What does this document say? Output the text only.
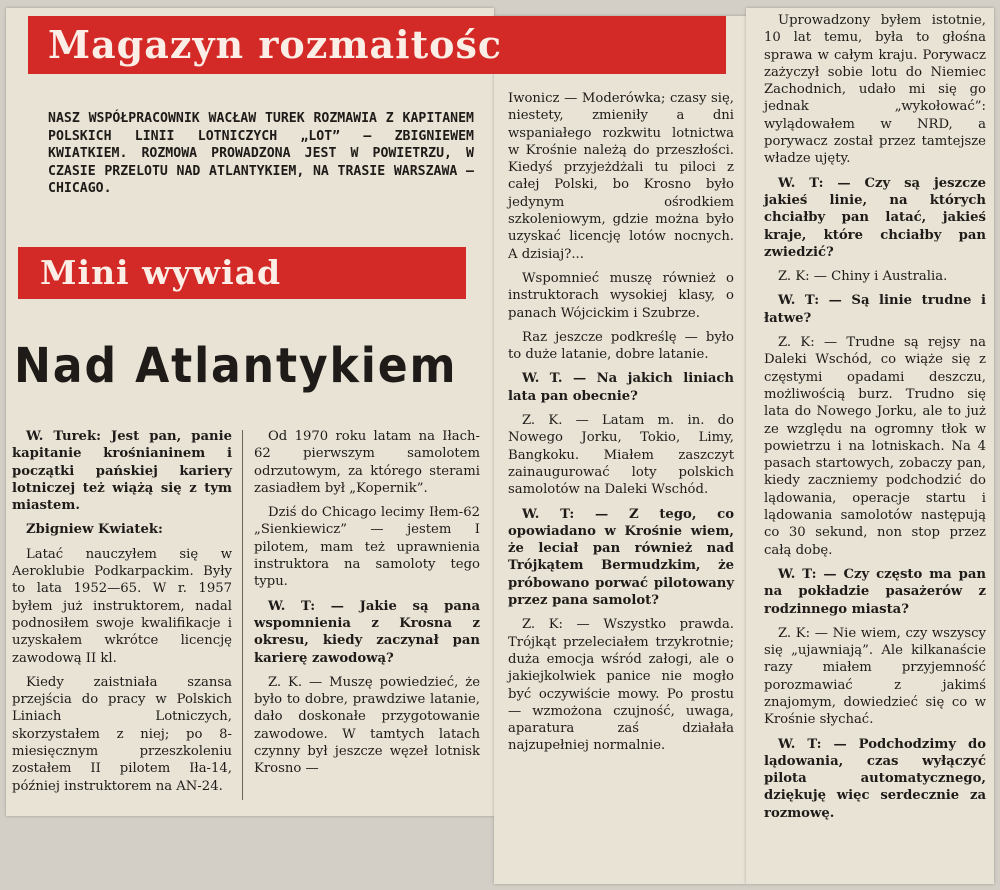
Magazyn rozmaitośc
NASZ WSPÓŁPRACOWNIK WACŁAW TUREK ROZMAWIA Z KAPITANEM POLSKICH LINII LOTNICZYCH „LOT” — ZBIGNIEWEM KWIATKIEM. ROZMOWA PROWADZONA JEST W POWIETRZU, W CZASIE PRZELOTU NAD ATLANTYKIEM, NA TRASIE WARSZAWA — CHICAGO.
Mini wywiad
Nad Atlantykiem

W. Turek: Jest pan, panie kapitanie krośnianinem i początki pańskiej kariery lotniczej też wiążą się z tym miastem.

Zbigniew Kwiatek:

Latać nauczyłem się w Aeroklubie Podkarpackim. Były to lata 1952—65. W r. 1957 byłem już instruktorem, nadal podnosiłem swoje kwalifikacje i uzyskałem wkrótce licencję zawodową II kl.

Kiedy zaistniała szansa przejścia do pracy w Polskich Liniach Lotniczych, skorzystałem z niej; po 8-miesięcznym przeszkoleniu zostałem II pilotem Iła-14, później instruktorem na AN-24.

Od 1970 roku latam na Iłach-62 pierwszym samolotem odrzutowym, za którego sterami zasiadłem był „Kopernik”.

Dziś do Chicago lecimy Iłem-62 „Sienkiewicz” — jestem I pilotem, mam też uprawnienia instruktora na samoloty tego typu.

W. T: — Jakie są pana wspomnienia z Krosna z okresu, kiedy zaczynał pan karierę zawodową?

Z. K. — Muszę powiedzieć, że było to dobre, prawdziwe latanie, dało doskonałe przygotowanie zawodowe. W tamtych latach czynny był jeszcze węzeł lotnisk Krosno —

Iwonicz — Moderówka; czasy się, niestety, zmieniły a dni wspaniałego rozkwitu lotnictwa w Krośnie należą do przeszłości. Kiedyś przyjeżdżali tu piloci z całej Polski, bo Krosno było jedynym ośrodkiem szkoleniowym, gdzie można było uzyskać licencję lotów nocnych. A dzisiaj?...

Wspomnieć muszę również o instruktorach wysokiej klasy, o panach Wójcickim i Szubrze.

Raz jeszcze podkreślę — było to duże latanie, dobre latanie.

W. T. — Na jakich liniach lata pan obecnie?

Z. K. — Latam m. in. do Nowego Jorku, Tokio, Limy, Bangkoku. Miałem zaszczyt zainaugurować loty polskich samolotów na Daleki Wschód.

W. T: — Z tego, co opowiadano w Krośnie wiem, że leciał pan również nad Trójkątem Bermudzkim, że próbowano porwać pilotowany przez pana samolot?

Z. K: — Wszystko prawda. Trójkąt przeleciałem trzykrotnie; duża emocja wśród załogi, ale o jakiejkolwiek panice nie mogło być oczywiście mowy. Po prostu — wzmożona czujność, uwaga, aparatura zaś działała najzupełniej normalnie.

Uprowadzony byłem istotnie, 10 lat temu, była to głośna sprawa w całym kraju. Porywacz zażyczył sobie lotu do Niemiec Zachodnich, udało mi się go jednak „wykołować”: wylądowałem w NRD, a porywacz został przez tamtejsze władze ujęty.

W. T: — Czy są jeszcze jakieś linie, na których chciałby pan latać, jakieś kraje, które chciałby pan zwiedzić?

Z. K: — Chiny i Australia.

W. T: — Są linie trudne i łatwe?

Z. K: — Trudne są rejsy na Daleki Wschód, co wiąże się z częstymi opadami deszczu, możliwością burz. Trudno się lata do Nowego Jorku, ale to już ze względu na ogromny tłok w powietrzu i na lotniskach. Na 4 pasach startowych, zobaczy pan, kiedy zaczniemy podchodzić do lądowania, operacje startu i lądowania samolotów następują co 30 sekund, non stop przez całą dobę.

W. T: — Czy często ma pan na pokładzie pasażerów z rodzinnego miasta?

Z. K: — Nie wiem, czy wszyscy się „ujawniają”. Ale kilkanaście razy miałem przyjemność porozmawiać z jakimś znajomym, dowiedzieć się co w Krośnie słychać.

W. T: — Podchodzimy do lądowania, czas wyłączyć pilota automatycznego, dziękuję więc serdecznie za rozmowę.
